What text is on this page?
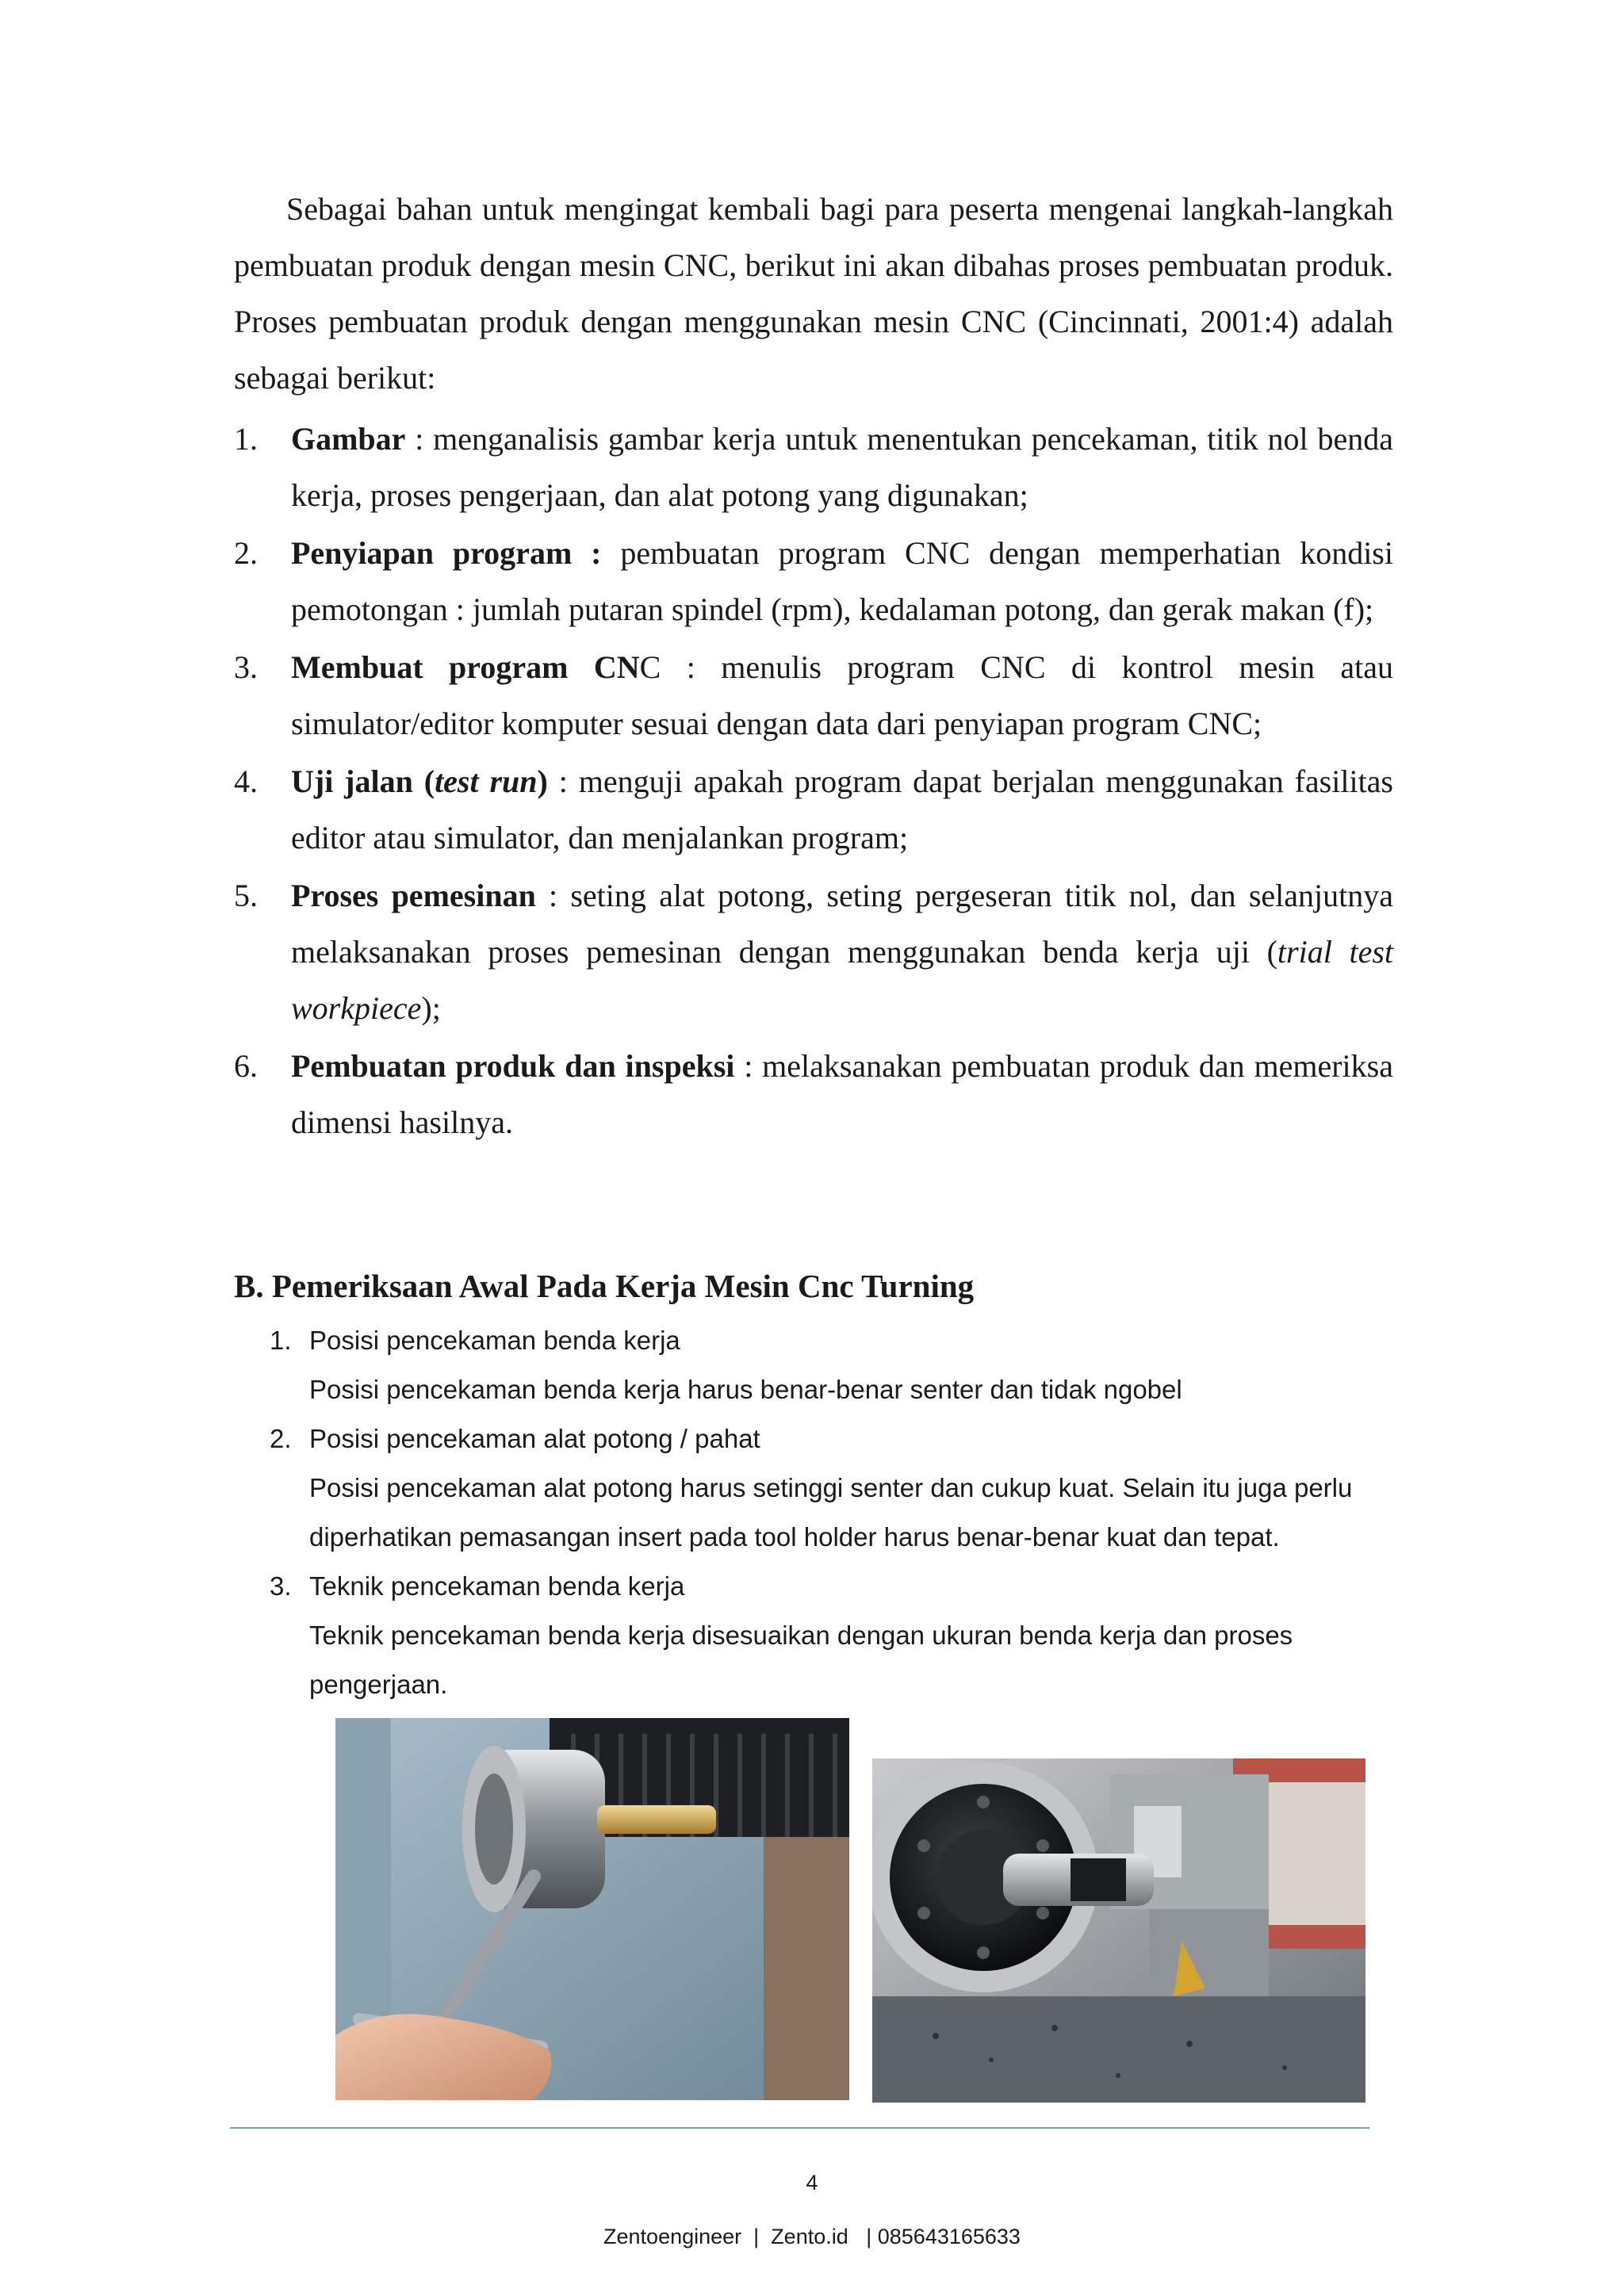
Sebagai bahan untuk mengingat kembali bagi para peserta mengenai langkah-langkah pembuatan produk dengan mesin CNC, berikut ini akan dibahas proses pembuatan produk. Proses pembuatan produk dengan menggunakan mesin CNC (Cincinnati, 2001:4) adalah sebagai berikut:

1. Gambar : menganalisis gambar kerja untuk menentukan pencekaman, titik nol benda kerja, proses pengerjaan, dan alat potong yang digunakan;
2. Penyiapan program : pembuatan program CNC dengan memperhatian kondisi pemotongan : jumlah putaran spindel (rpm), kedalaman potong, dan gerak makan (f);
3. Membuat program CNC : menulis program CNC di kontrol mesin atau simulator/editor komputer sesuai dengan data dari penyiapan program CNC;
4. Uji jalan (test run) : menguji apakah program dapat berjalan menggunakan fasilitas editor atau simulator, dan menjalankan program;
5. Proses pemesinan : seting alat potong, seting pergeseran titik nol, dan selanjutnya melaksanakan proses pemesinan dengan menggunakan benda kerja uji (trial test workpiece);
6. Pembuatan produk dan inspeksi : melaksanakan pembuatan produk dan memeriksa dimensi hasilnya.
B. Pemeriksaan Awal Pada Kerja Mesin Cnc Turning
1. Posisi pencekaman benda kerja
Posisi pencekaman benda kerja harus benar-benar senter dan tidak ngobel
2. Posisi pencekaman alat potong / pahat
Posisi pencekaman alat potong harus setinggi senter dan cukup kuat. Selain itu juga perlu diperhatikan pemasangan insert pada tool holder harus benar-benar kuat dan tepat.
3. Teknik pencekaman benda kerja
Teknik pencekaman benda kerja disesuaikan dengan ukuran benda kerja dan proses pengerjaan.
4
Zentoengineer  |  Zento.id   | 085643165633
